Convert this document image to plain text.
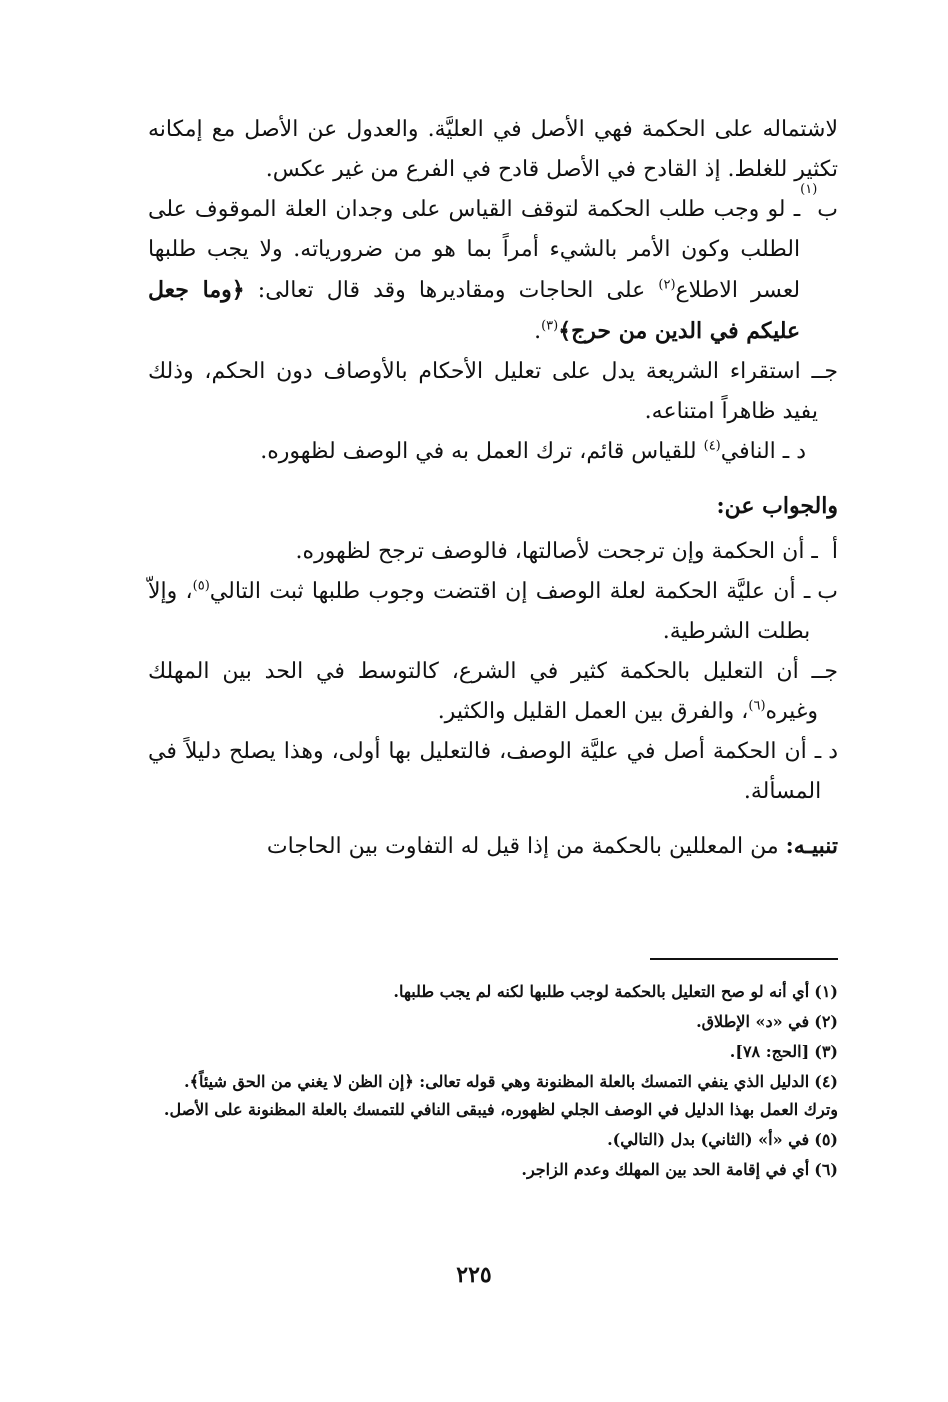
لاشتماله على الحكمة فهي الأصل في العليَّة. والعدول عن الأصل مع إمكانه تكثير للغلط. إذ القادح في الأصل قادح في الفرع من غير عكس.

ب
(١)
ـ لو وجب طلب الحكمة لتوقف القياس على وجدان العلة الموقوف على الطلب وكون الأمر بالشيء أمراً بما هو من ضرورياته. ولا يجب طلبها لعسر الاطلاع$^{(٢)}$ على الحاجات ومقاديرها وقد قال تعالى: ﴿وما جعل عليكم في الدين من حرج﴾$^{(٣)}$.
جـ
ـ استقراء الشريعة يدل على تعليل الأحكام بالأوصاف دون الحكم، وذلك يفيد ظاهراً امتناعه.
د

ـ النافي$^{(٤)}$ للقياس قائم، ترك العمل به في الوصف لظهوره.
والجواب عن:
أ

ـ أن الحكمة وإن ترجحت لأصالتها، فالوصف ترجح لظهوره.
ب

ـ أن عليَّة الحكمة لعلة الوصف إن اقتضت وجوب طلبها ثبت التالي$^{(٥)}$، وإلاّ بطلت الشرطية.
جـ
ـ أن التعليل بالحكمة كثير في الشرع، كالتوسط في الحد بين المهلك وغيره$^{(٦)}$، والفرق بين العمل القليل والكثير.
د

ـ أن الحكمة أصل في عليَّة الوصف، فالتعليل بها أولى، وهذا يصلح دليلاً في المسألة.

تنبيـه: من المعللين بالحكمة من إذا قيل له التفاوت بين الحاجات

(١) أي أنه لو صح التعليل بالحكمة لوجب طلبها لكنه لم يجب طلبها.

(٢) في «د» الإطلاق.

(٣) [الحج: ٧٨].

(٤) الدليل الذي ينفي التمسك بالعلة المظنونة وهي قوله تعالى: ﴿إن الظن لا يغني من الحق شيئاً﴾. وترك العمل بهذا الدليل في الوصف الجلي لظهوره، فيبقى النافي للتمسك بالعلة المظنونة على الأصل.

(٥) في «أ» (الثاني) بدل (التالي).

(٦) أي في إقامة الحد بين المهلك وعدم الزاجر.

٢٢٥
